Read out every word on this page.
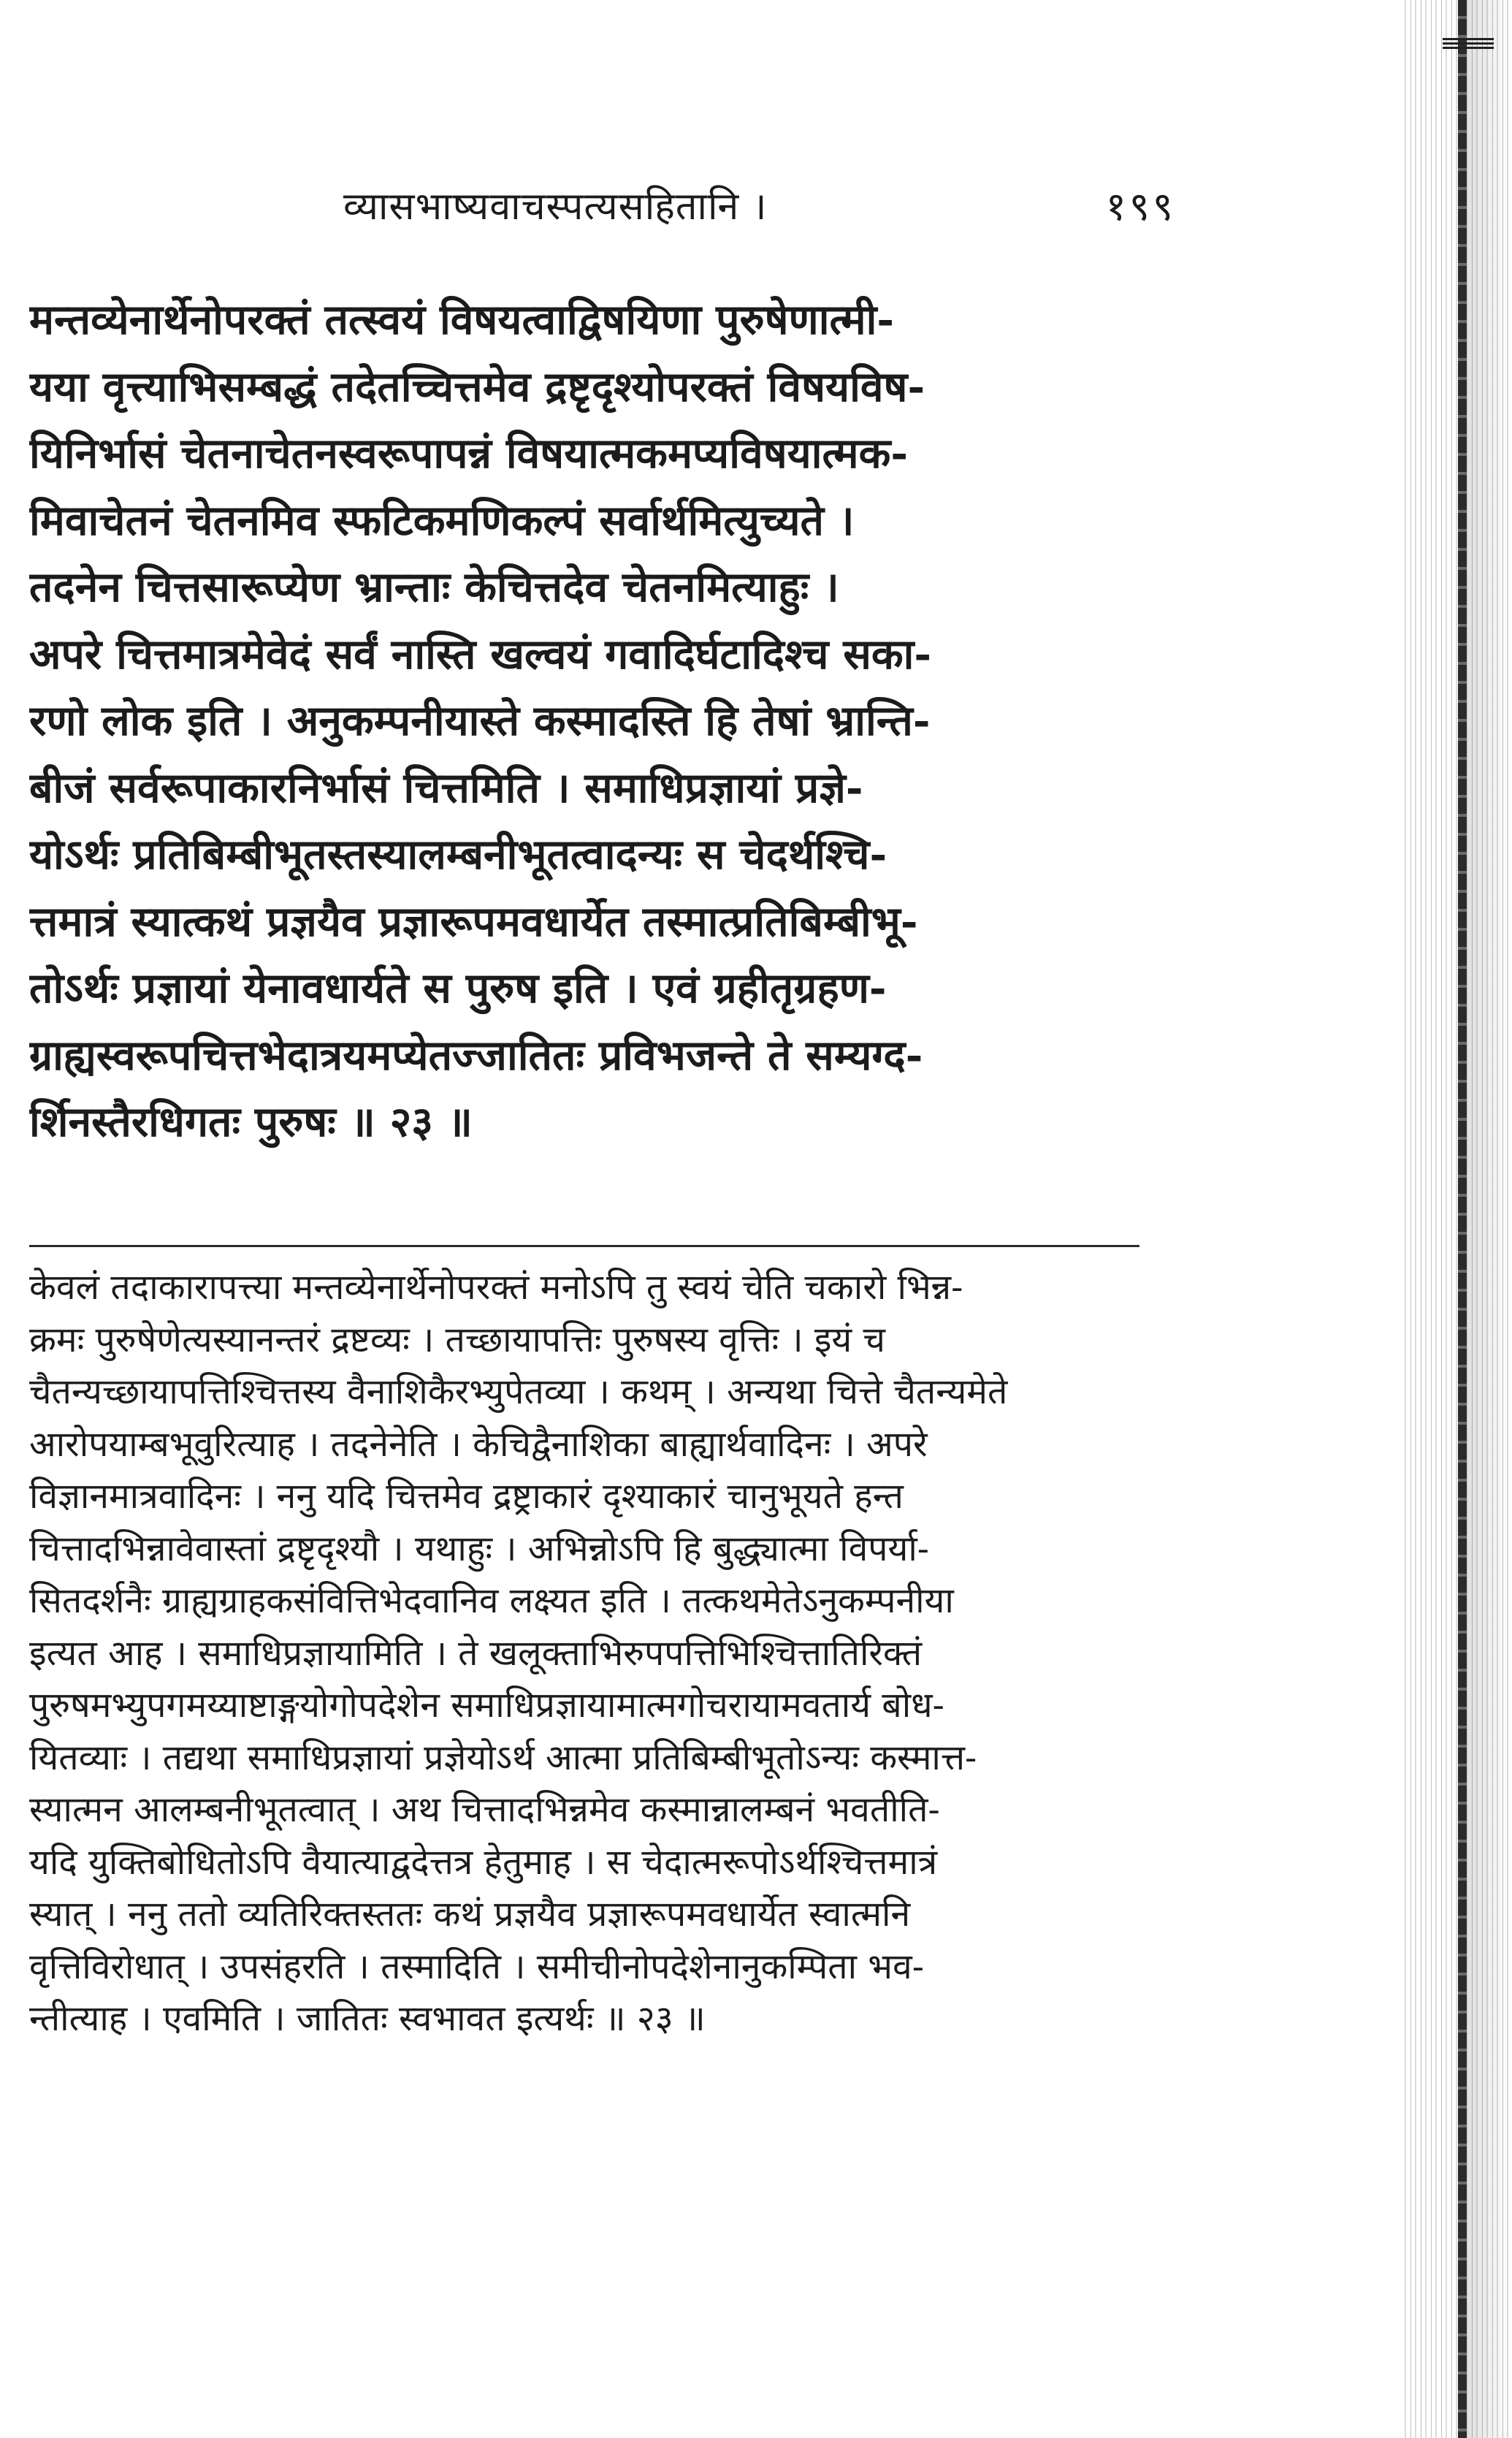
व्यासभाष्यवाचस्पत्यसहितानि ।	१९९
मन्तव्येनार्थेनोपरक्तं तत्स्वयं विषयत्वाद्विषयिणा पुरुषेणात्मी-
यया वृत्त्याभिसम्बद्धं तदेतच्चित्तमेव द्रष्टृदृश्योपरक्तं विषयविष-
यिनिर्भासं चेतनाचेतनस्वरूपापन्नं विषयात्मकमप्यविषयात्मक-
मिवाचेतनं चेतनमिव स्फटिकमणिकल्पं सर्वार्थमित्युच्यते ।
तदनेन चित्तसारूप्येण भ्रान्ताः केचित्तदेव चेतनमित्याहुः ।
अपरे चित्तमात्रमेवेदं सर्वं नास्ति खल्वयं गवादिर्घटादिश्च सका-
रणो लोक इति । अनुकम्पनीयास्ते कस्मादस्ति हि तेषां भ्रान्ति-
बीजं सर्वरूपाकारनिर्भासं चित्तमिति । समाधिप्रज्ञायां प्रज्ञे-
योऽर्थः प्रतिबिम्बीभूतस्तस्यालम्बनीभूतत्वादन्यः स चेदर्थश्चि-
त्तमात्रं स्यात्कथं प्रज्ञयैव प्रज्ञारूपमवधार्येत तस्मात्प्रतिबिम्बीभू-
तोऽर्थः प्रज्ञायां येनावधार्यते स पुरुष इति । एवं ग्रहीतृग्रहण-
ग्राह्यस्वरूपचित्तभेदात्रयमप्येतज्जातितः प्रविभजन्ते ते सम्यग्द-
र्शिनस्तैरधिगतः पुरुषः ॥ २३ ॥
केवलं तदाकारापत्त्या मन्तव्येनार्थेनोपरक्तं मनोऽपि तु स्वयं चेति चकारो भिन्न-
क्रमः पुरुषेणेत्यस्यानन्तरं द्रष्टव्यः । तच्छायापत्तिः पुरुषस्य वृत्तिः । इयं च
चैतन्यच्छायापत्तिश्चित्तस्य वैनाशिकैरभ्युपेतव्या । कथम् । अन्यथा चित्ते चैतन्यमेते
आरोपयाम्बभूवुरित्याह । तदनेनेति । केचिद्वैनाशिका बाह्यार्थवादिनः । अपरे
विज्ञानमात्रवादिनः । ननु यदि चित्तमेव द्रष्ट्राकारं दृश्याकारं चानुभूयते हन्त
चित्तादभिन्नावेवास्तां द्रष्टृदृश्यौ । यथाहुः । अभिन्नोऽपि हि बुद्ध्यात्मा विपर्या-
सितदर्शनैः ग्राह्यग्राहकसंवित्तिभेदवानिव लक्ष्यत इति । तत्कथमेतेऽनुकम्पनीया
इत्यत आह । समाधिप्रज्ञायामिति । ते खलूक्ताभिरुपपत्तिभिश्चित्तातिरिक्तं
पुरुषमभ्युपगमय्याष्टाङ्गयोगोपदेशेन समाधिप्रज्ञायामात्मगोचरायामवतार्य बोध-
यितव्याः । तद्यथा समाधिप्रज्ञायां प्रज्ञेयोऽर्थ आत्मा प्रतिबिम्बीभूतोऽन्यः कस्मात्त-
स्यात्मन आलम्बनीभूतत्वात् । अथ चित्तादभिन्नमेव कस्मान्नालम्बनं भवतीति-
यदि युक्तिबोधितोऽपि वैयात्याद्वदेत्तत्र हेतुमाह । स चेदात्मरूपोऽर्थश्चित्तमात्रं
स्यात् । ननु ततो व्यतिरिक्तस्ततः कथं प्रज्ञयैव प्रज्ञारूपमवधार्येत स्वात्मनि
वृत्तिविरोधात् । उपसंहरति । तस्मादिति । समीचीनोपदेशेनानुकम्पिता भव-
न्तीत्याह । एवमिति । जातितः स्वभावत इत्यर्थः ॥ २३ ॥
